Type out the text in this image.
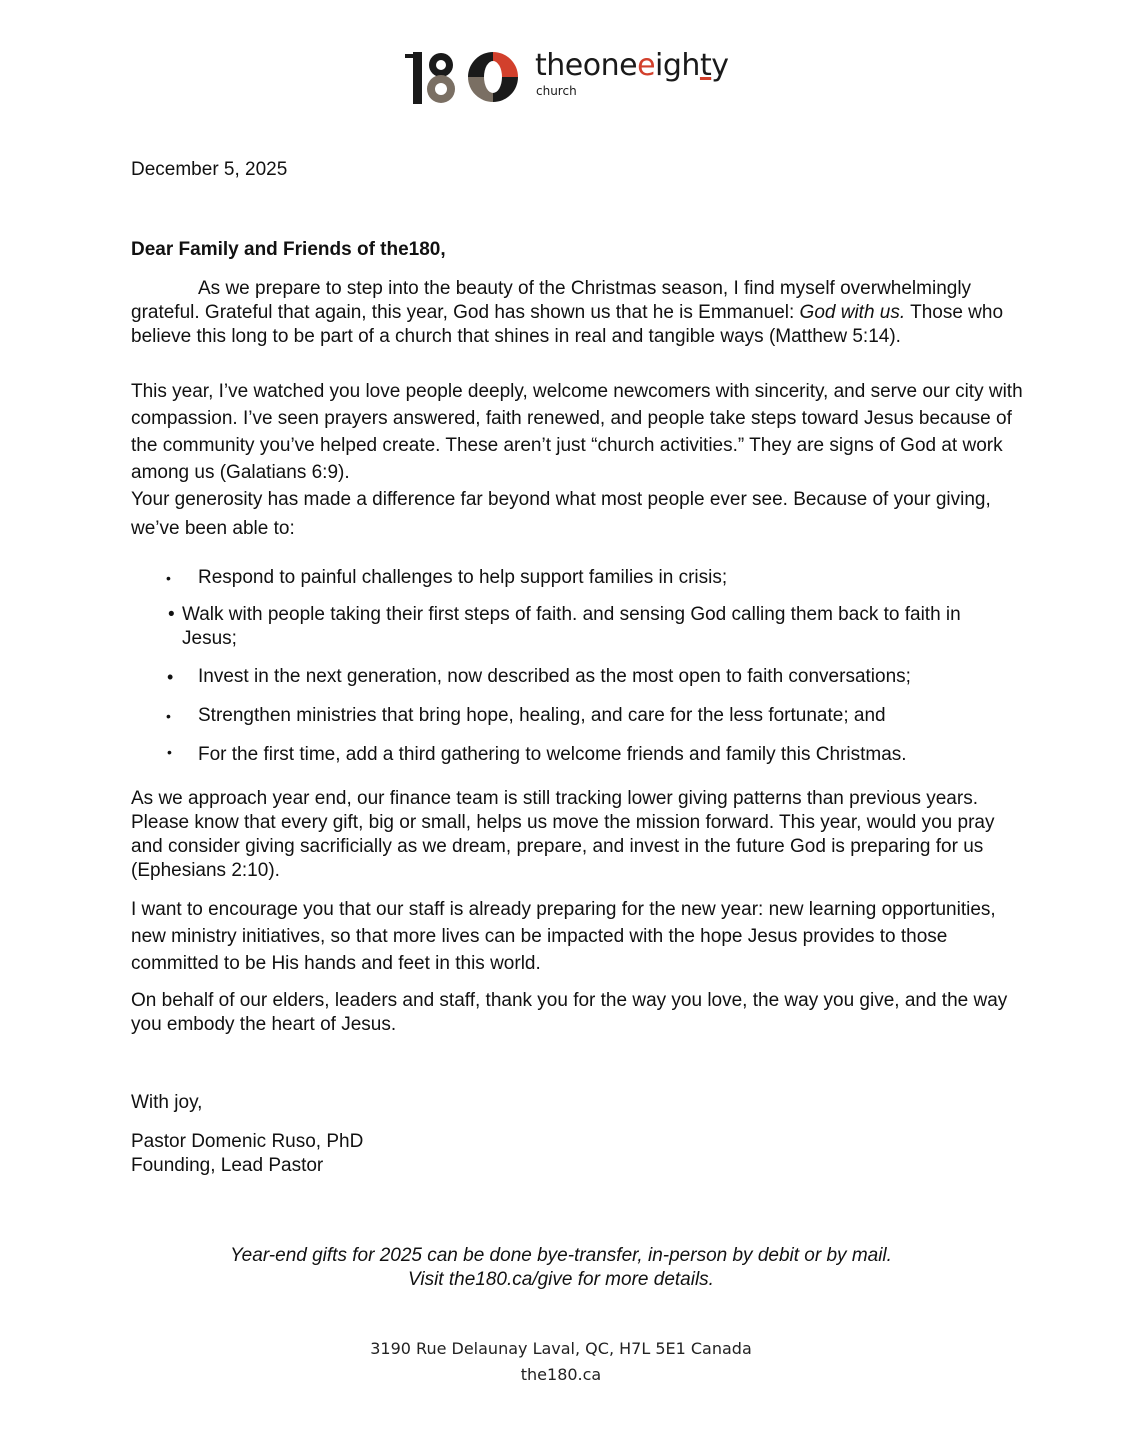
theoneeighty
church
December 5, 2025
Dear Family and Friends of the180,

As we prepare to step into the beauty of the Christmas season, I find myself overwhelmingly grateful. Grateful that again, this year, God has shown us that he is Emmanuel: God with us. Those who believe this long to be part of a church that shines in real and tangible ways (Matthew 5:14).

This year, I’ve watched you love people deeply, welcome newcomers with sincerity, and serve our city with compassion. I’ve seen prayers answered, faith renewed, and people take steps toward Jesus because of the community you’ve helped create. These aren’t just “church activities.” They are signs of God at work among us (Galatians 6:9).

Your generosity has made a difference far beyond what most people ever see. Because of your giving, we’ve been able to:

• Respond to painful challenges to help support families in crisis;
• Walk with people taking their first steps of faith. and sensing God calling them back to faith in Jesus;
• Invest in the next generation, now described as the most open to faith conversations;
• Strengthen ministries that bring hope, healing, and care for the less fortunate; and
• For the first time, add a third gathering to welcome friends and family this Christmas.

As we approach year end, our finance team is still tracking lower giving patterns than previous years. Please know that every gift, big or small, helps us move the mission forward. This year, would you pray and consider giving sacrificially as we dream, prepare, and invest in the future God is preparing for us (Ephesians 2:10).

I want to encourage you that our staff is already preparing for the new year: new learning opportunities, new ministry initiatives, so that more lives can be impacted with the hope Jesus provides to those committed to be His hands and feet in this world.

On behalf of our elders, leaders and staff, thank you for the way you love, the way you give, and the way you embody the heart of Jesus.

With joy,
Pastor Domenic Ruso, PhD
Founding, Lead Pastor
Year-end gifts for 2025 can be done bye-transfer, in-person by debit or by mail.
Visit the180.ca/give for more details.
3190 Rue Delaunay Laval, QC, H7L 5E1 Canada
the180.ca
